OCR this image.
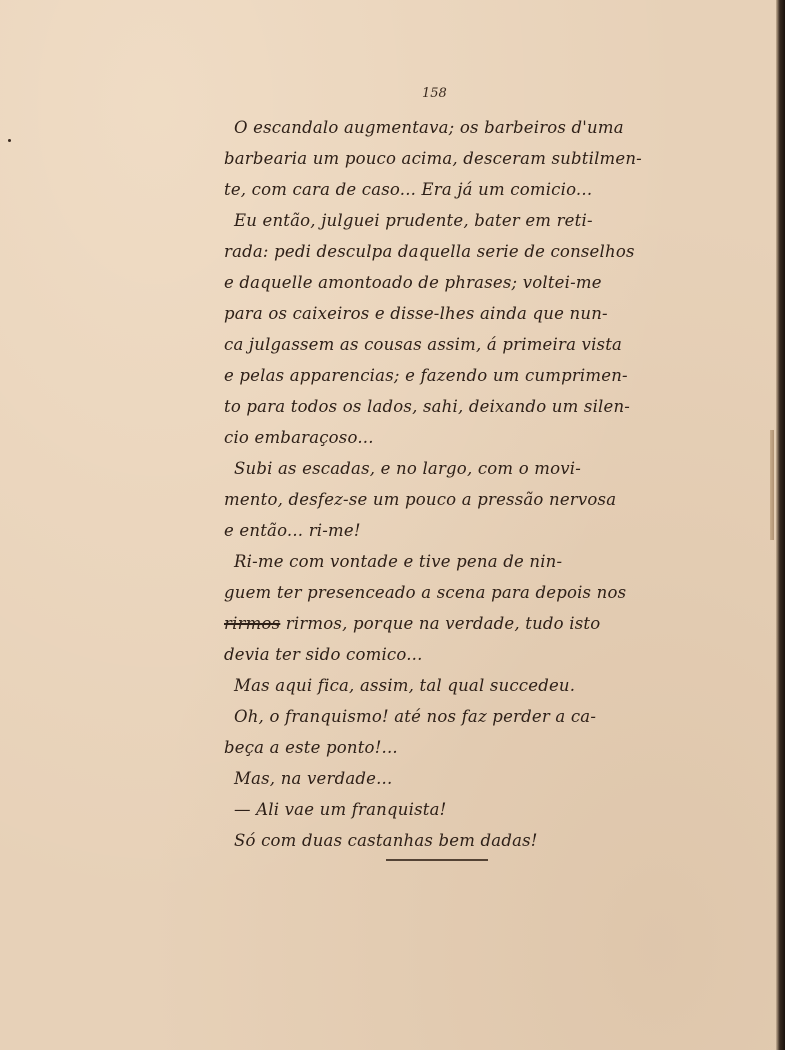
158
O escandalo augmentava; os barbeiros d'uma
barbearia um pouco acima, desceram subtilmen-
te, com cara de caso... Era já um comicio...
Eu então, julguei prudente, bater em reti-
rada: pedi desculpa daquella serie de conselhos
e daquelle amontoado de phrases; voltei-me
para os caixeiros e disse-lhes ainda que nun-
ca julgassem as cousas assim, á primeira vista
e pelas apparencias; e fazendo um cumprimen-
to para todos os lados, sahi, deixando um silen-
cio embaraçoso...
Subi as escadas, e no largo, com o movi-
mento, desfez-se um pouco a pressão nervosa
e então... ri-me!
Ri-me com vontade e tive pena de nin-
guem ter presenceado a scena para depois nos
rirmos rirmos, porque na verdade, tudo isto
devia ter sido comico...
Mas aqui fica, assim, tal qual succedeu.
Oh, o franquismo! até nos faz perder a ca-
beça a este ponto!...
Mas, na verdade...
— Ali vae um franquista!
Só com duas castanhas bem dadas!
